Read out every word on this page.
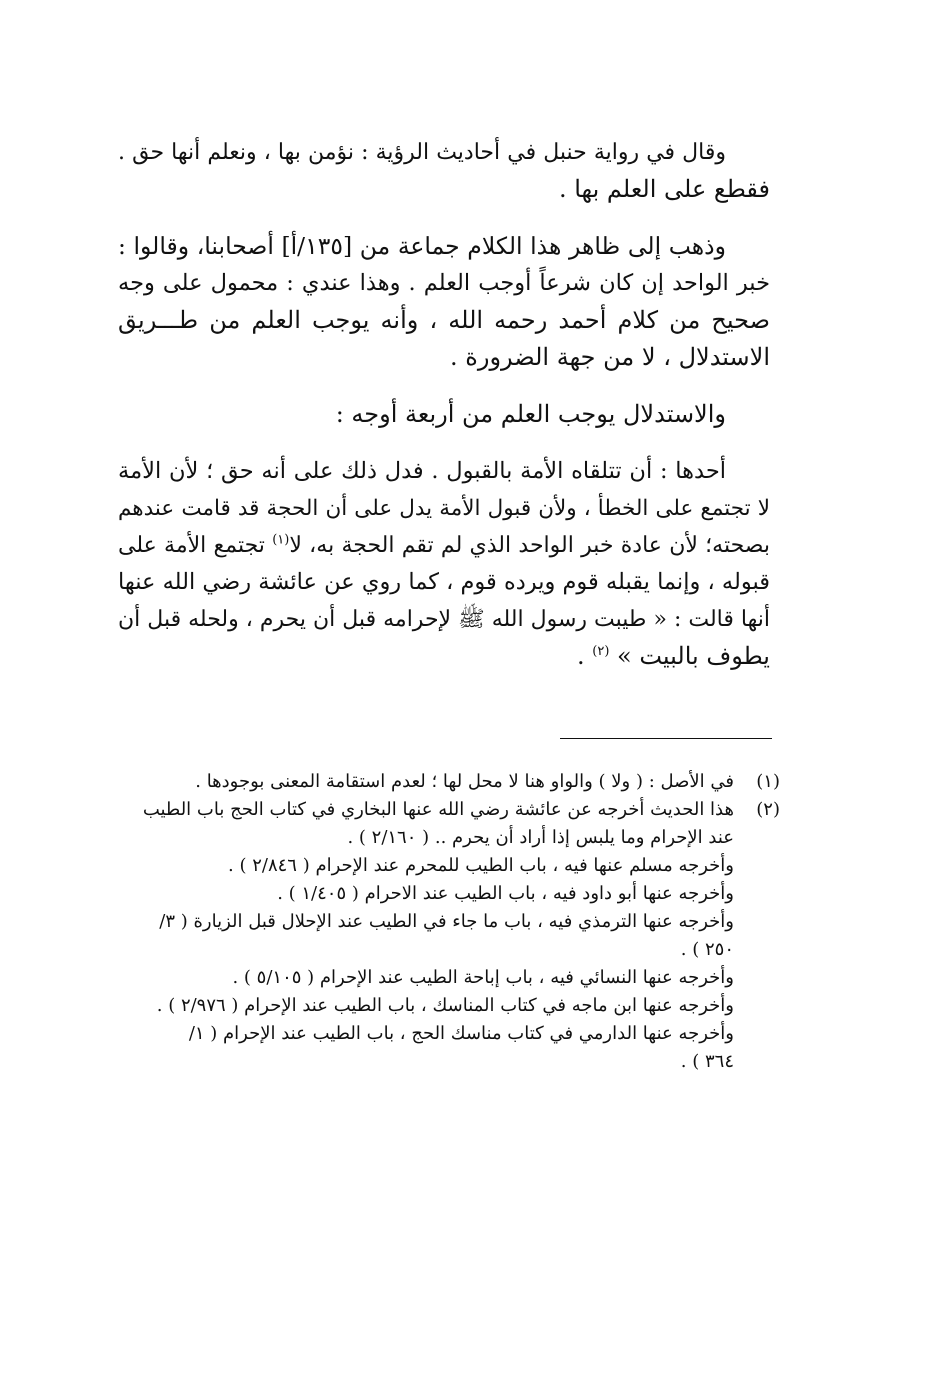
وقال في رواية حنبل في أحاديث الرؤية : نؤمن بها ، ونعلم أنها حق .
فقطع على العلم بها .
وذهب إلى ظاهر هذا الكلام جماعة من [١٣٥/أ] أصحابنا، وقالوا :
خبر الواحد إن كان شرعاً أوجب العلم . وهذا عندي : محمول على وجه
صحيح من كلام أحمد رحمه الله ، وأنه يوجب العلم من طـــريق
الاستدلال ، لا من جهة الضرورة .
والاستدلال يوجب العلم من أربعة أوجه :
أحدها : أن تتلقاه الأمة بالقبول . فدل ذلك على أنه حق ؛ لأن الأمة
لا تجتمع على الخطأ ، ولأن قبول الأمة يدل على أن الحجة قد قامت عندهم
بصحته؛ لأن عادة خبر الواحد الذي لم تقم الحجة به، لا$^{(١)}$ تجتمع الأمة على
قبوله ، وإنما يقبله قوم ويرده قوم ، كما روي عن عائشة رضي الله عنها
أنها قالت : « طيبت رسول الله ﷺ لإحرامه قبل أن يحرم ، ولحله قبل أن
يطوف بالبيت » $^{(٢)}$ .
(١)في الأصل : ( ولا ) والواو هنا لا محل لها ؛ لعدم استقامة المعنى بوجودها .
(٢)هذا الحديث أخرجه عن عائشة رضي الله عنها البخاري في كتاب الحج باب الطيب
عند الإحرام وما يلبس إذا أراد أن يحرم .. ( ٢/١٦٠ ) .
وأخرجه مسلم عنها فيه ، باب الطيب للمحرم عند الإحرام ( ٢/٨٤٦ ) .
وأخرجه عنها أبو داود فيه ، باب الطيب عند الاحرام ( ١/٤٠٥ ) .
وأخرجه عنها الترمذي فيه ، باب ما جاء في الطيب عند الإحلال قبل الزيارة ( ٣/
٢٥٠ ) .
وأخرجه عنها النسائي فيه ، باب إباحة الطيب عند الإحرام ( ٥/١٠٥ ) .
وأخرجه عنها ابن ماجه في كتاب المناسك ، باب الطيب عند الإحرام ( ٢/٩٧٦ ) .
وأخرجه عنها الدارمي في كتاب مناسك الحج ، باب الطيب عند الإحرام ( ١/
٣٦٤ ) .
